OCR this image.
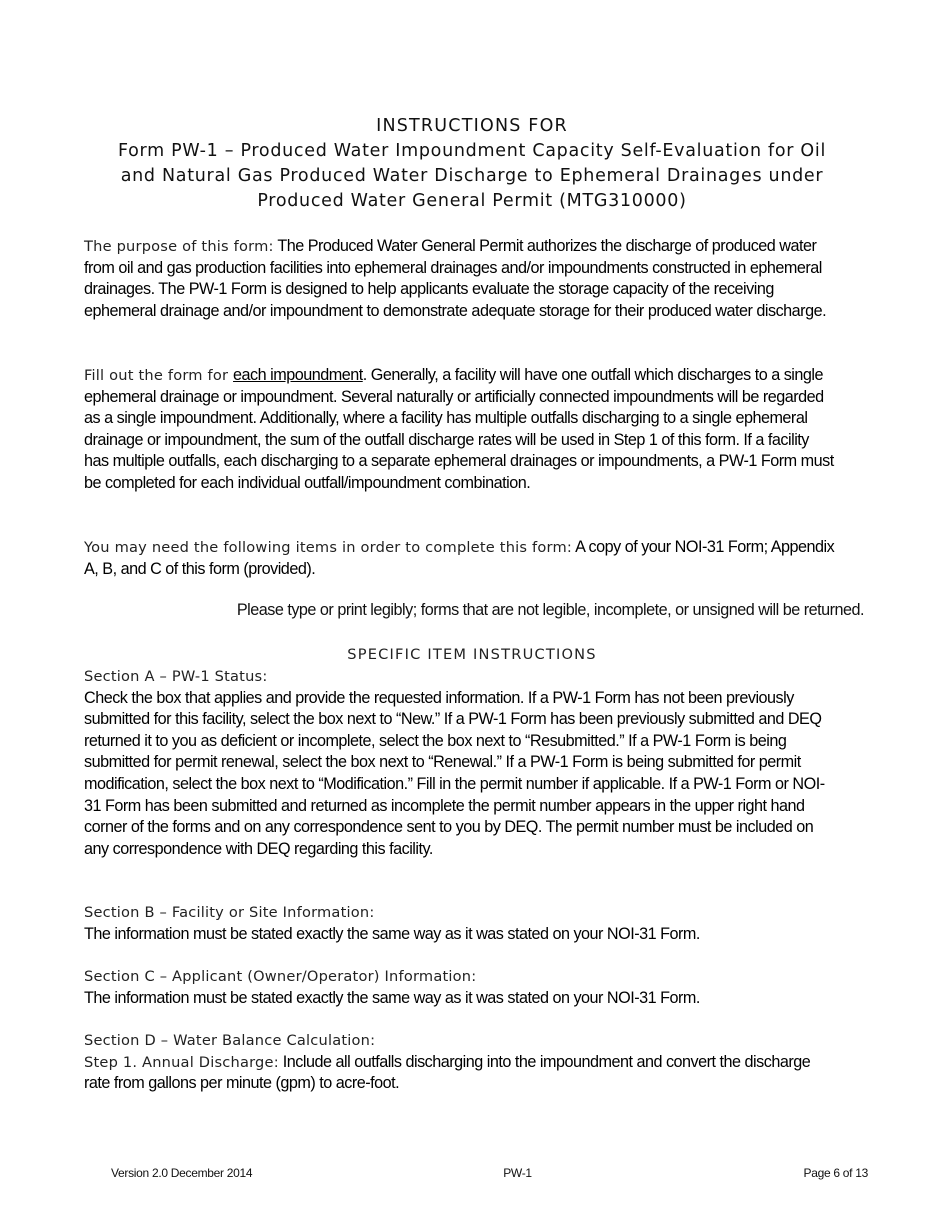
INSTRUCTIONS FOR
Form PW-1 – Produced Water Impoundment Capacity Self-Evaluation for Oil
and Natural Gas Produced Water Discharge to Ephemeral Drainages under
Produced Water General Permit (MTG310000)
The purpose of this form: The Produced Water General Permit authorizes the discharge of produced water from oil and gas production facilities into ephemeral drainages and/or impoundments constructed in ephemeral drainages. The PW-1 Form is designed to help applicants evaluate the storage capacity of the receiving ephemeral drainage and/or impoundment to demonstrate adequate storage for their produced water discharge.
Fill out the form for each impoundment. Generally, a facility will have one outfall which discharges to a single ephemeral drainage or impoundment. Several naturally or artificially connected impoundments will be regarded as a single impoundment. Additionally, where a facility has multiple outfalls discharging to a single ephemeral drainage or impoundment, the sum of the outfall discharge rates will be used in Step 1 of this form. If a facility has multiple outfalls, each discharging to a separate ephemeral drainages or impoundments, a PW-1 Form must be completed for each individual outfall/impoundment combination.
You may need the following items in order to complete this form: A copy of your NOI-31 Form; Appendix A, B, and C of this form (provided).
Please type or print legibly; forms that are not legible, incomplete, or unsigned will be returned.
SPECIFIC ITEM INSTRUCTIONS
Section A – PW-1 Status:
Check the box that applies and provide the requested information. If a PW-1 Form has not been previously submitted for this facility, select the box next to “New.” If a PW-1 Form has been previously submitted and DEQ returned it to you as deficient or incomplete, select the box next to “Resubmitted.” If a PW-1 Form is being submitted for permit renewal, select the box next to “Renewal.” If a PW-1 Form is being submitted for permit modification, select the box next to “Modification.” Fill in the permit number if applicable. If a PW-1 Form or NOI-31 Form has been submitted and returned as incomplete the permit number appears in the upper right hand corner of the forms and on any correspondence sent to you by DEQ. The permit number must be included on any correspondence with DEQ regarding this facility.
Section B – Facility or Site Information:
The information must be stated exactly the same way as it was stated on your NOI-31 Form.
Section C – Applicant (Owner/Operator) Information:
The information must be stated exactly the same way as it was stated on your NOI-31 Form.
Section D – Water Balance Calculation:
Step 1. Annual Discharge: Include all outfalls discharging into the impoundment and convert the discharge rate from gallons per minute (gpm) to acre-foot.
Version 2.0 December 2014	PW-1	Page 6 of 13
